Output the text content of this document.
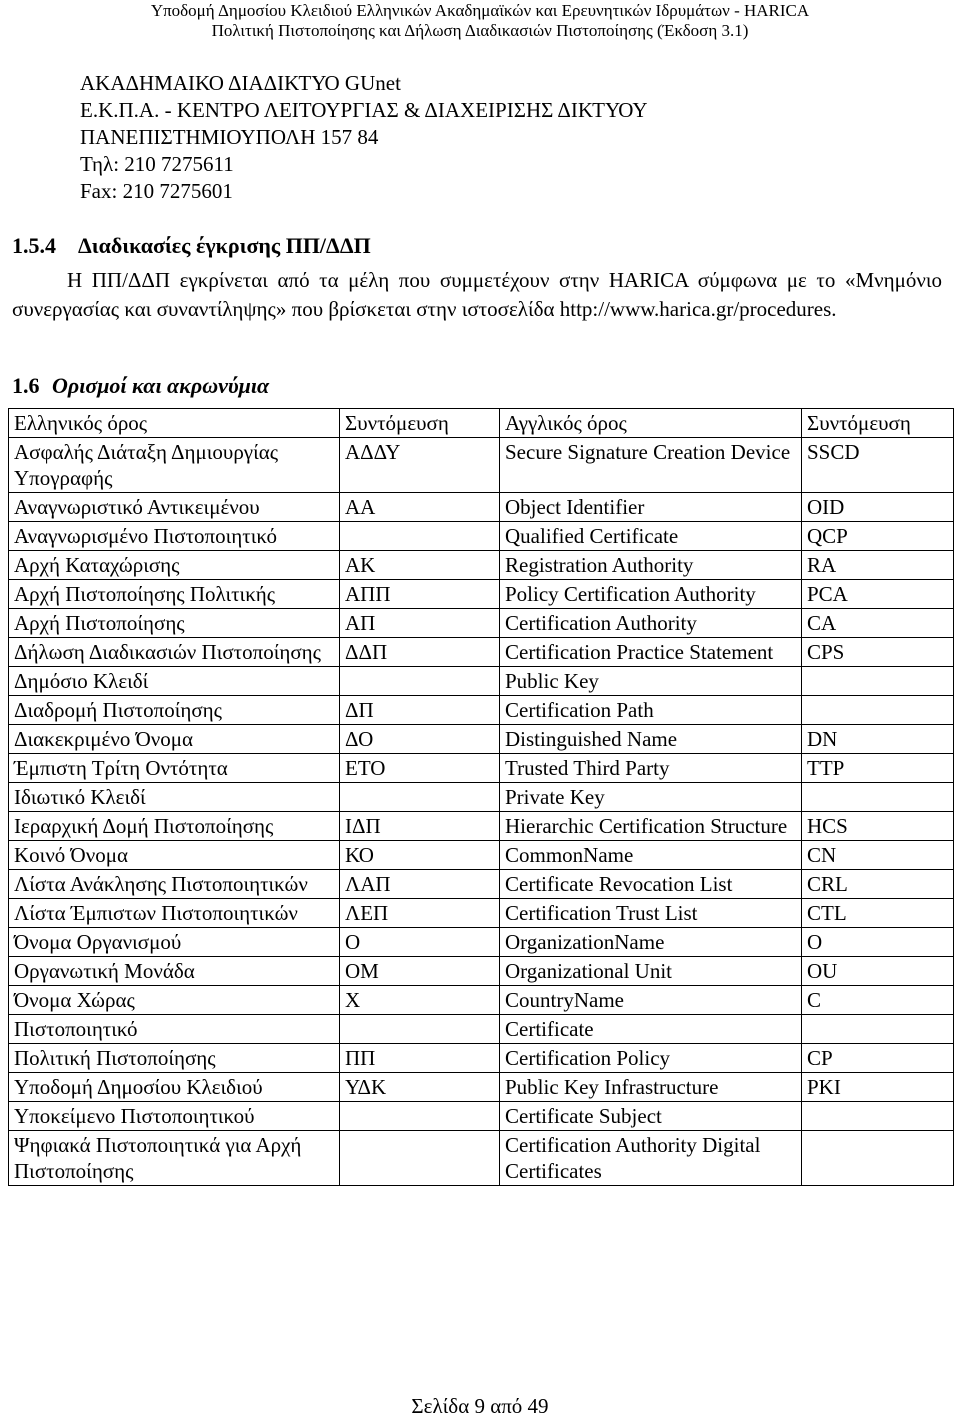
Υποδομή Δημοσίου Κλειδιού Ελληνικών Ακαδημαϊκών και Ερευνητικών Ιδρυμάτων - HARICA
Πολιτική Πιστοποίησης και Δήλωση Διαδικασιών Πιστοποίησης (Έκδοση 3.1)
ΑΚΑΔΗΜΑΙΚΟ ΔΙΑΔΙΚΤΥΟ GUnet
Ε.Κ.Π.Α. - ΚΕΝΤΡΟ ΛΕΙΤΟΥΡΓΙΑΣ & ΔΙΑΧΕΙΡΙΣΗΣ ΔΙΚΤΥΟΥ
ΠΑΝΕΠΙΣΤΗΜΙΟΥΠΟΛΗ 157 84
Τηλ: 210 7275611
Fax: 210 7275601
1.5.4 Διαδικασίες έγκρισης ΠΠ/ΔΔΠ
Η ΠΠ/ΔΔΠ εγκρίνεται από τα μέλη που συμμετέχουν στην HARICA σύμφωνα με το «Μνημόνιο συνεργασίας και συναντίληψης» που βρίσκεται στην ιστοσελίδα http://www.harica.gr/procedures.
1.6 Ορισμοί και ακρωνύμια
Ελληνικός όρος	Συντόμευση	Αγγλικός όρος	Συντόμευση
Ασφαλής Διάταξη Δημιουργίας Υπογραφής	ΑΔΔΥ	Secure Signature Creation Device	SSCD
Αναγνωριστικό Αντικειμένου	ΑΑ	Object Identifier	OID
Αναγνωρισμένο Πιστοποιητικό		Qualified Certificate	QCP
Αρχή Καταχώρισης	ΑΚ	Registration Authority	RA
Αρχή Πιστοποίησης Πολιτικής	ΑΠΠ	Policy Certification Authority	PCA
Αρχή Πιστοποίησης	ΑΠ	Certification Authority	CA
Δήλωση Διαδικασιών Πιστοποίησης	ΔΔΠ	Certification Practice Statement	CPS
Δημόσιο Κλειδί		Public Key	
Διαδρομή Πιστοποίησης	ΔΠ	Certification Path	
Διακεκριμένο Όνομα	ΔΟ	Distinguished Name	DN
Έμπιστη Τρίτη Οντότητα	ΕΤΟ	Trusted Third Party	TTP
Ιδιωτικό Κλειδί		Private Key	
Ιεραρχική Δομή Πιστοποίησης	ΙΔΠ	Hierarchic Certification Structure	HCS
Κοινό Όνομα	ΚΟ	CommonName	CN
Λίστα Ανάκλησης Πιστοποιητικών	ΛΑΠ	Certificate Revocation List	CRL
Λίστα Έμπιστων Πιστοποιητικών	ΛΕΠ	Certification Trust List	CTL
Όνομα Οργανισμού	Ο	OrganizationName	O
Οργανωτική Μονάδα	ΟΜ	Organizational Unit	OU
Όνομα Χώρας	Χ	CountryName	C
Πιστοποιητικό		Certificate	
Πολιτική Πιστοποίησης	ΠΠ	Certification Policy	CP
Υποδομή Δημοσίου Κλειδιού	ΥΔΚ	Public Key Infrastructure	PKI
Υποκείμενο Πιστοποιητικού		Certificate Subject	
Ψηφιακά Πιστοποιητικά για Αρχή Πιστοποίησης		Certification Authority Digital Certificates	
Σελίδα 9 από 49
